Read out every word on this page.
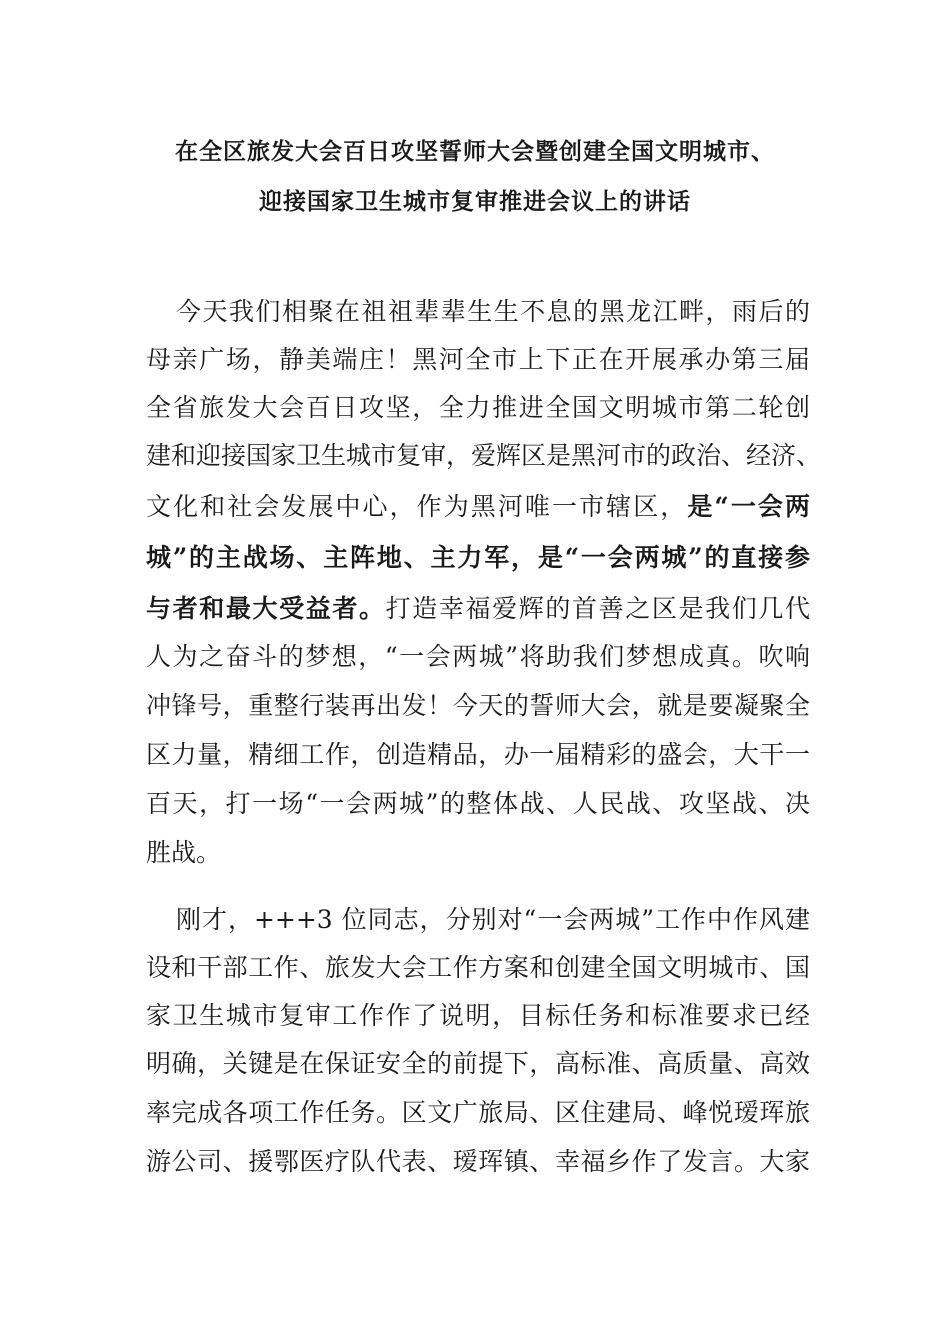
在全区旅发大会百日攻坚誓师大会暨创建全国文明城市、
迎接国家卫生城市复审推进会议上的讲话
今天我们相聚在祖祖辈辈生生不息的黑龙江畔，雨后的
母亲广场，静美端庄！黑河全市上下正在开展承办第三届
全省旅发大会百日攻坚，全力推进全国文明城市第二轮创
建和迎接国家卫生城市复审，爱辉区是黑河市的政治、经济、
文化和社会发展中心，作为黑河唯一市辖区，是“一会两
城”的主战场、主阵地、主力军，是“一会两城”的直接参
与者和最大受益者。打造幸福爱辉的首善之区是我们几代
人为之奋斗的梦想，“一会两城”将助我们梦想成真。吹响
冲锋号，重整行装再出发！今天的誓师大会，就是要凝聚全
区力量，精细工作，创造精品，办一届精彩的盛会，大干一
百天，打一场“一会两城”的整体战、人民战、攻坚战、决
胜战。
刚才，+++3 位同志，分别对“一会两城”工作中作风建
设和干部工作、旅发大会工作方案和创建全国文明城市、国
家卫生城市复审工作作了说明，目标任务和标准要求已经
明确，关键是在保证安全的前提下，高标准、高质量、高效
率完成各项工作任务。区文广旅局、区住建局、峰悦瑷珲旅
游公司、援鄂医疗队代表、瑷珲镇、幸福乡作了发言。大家
